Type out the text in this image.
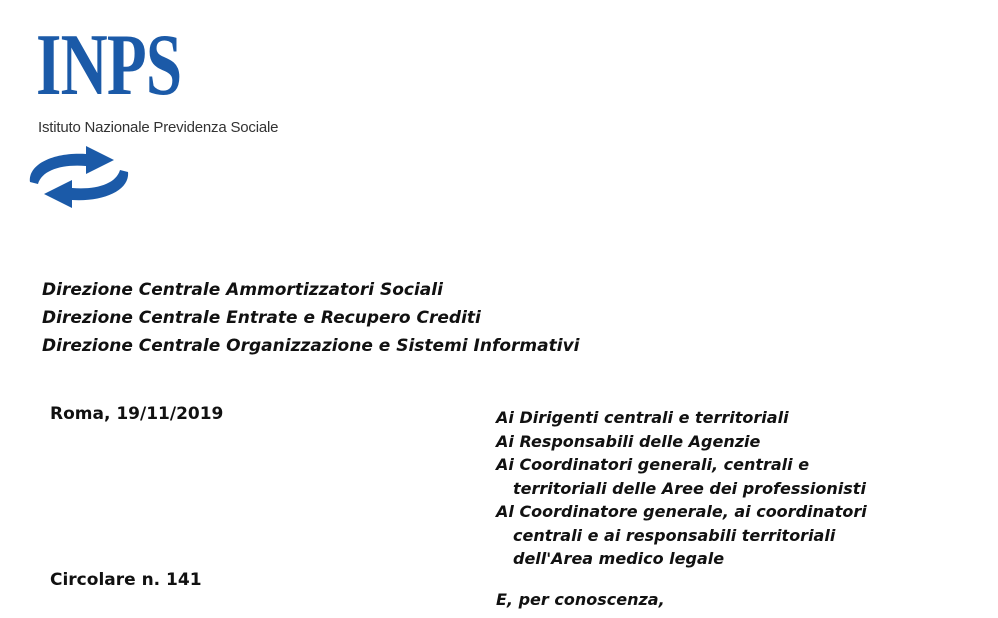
INPS
Istituto Nazionale Previdenza Sociale
Direzione Centrale Ammortizzatori Sociali
Direzione Centrale Entrate e Recupero Crediti
Direzione Centrale Organizzazione e Sistemi Informativi
Roma, 19/11/2019
Circolare n. 141
Ai Dirigenti centrali e territoriali
Ai Responsabili delle Agenzie
Ai Coordinatori generali, centrali e
territoriali delle Aree dei professionisti
Al Coordinatore generale, ai coordinatori
centrali e ai responsabili territoriali
dell'Area medico legale
E, per conoscenza,
